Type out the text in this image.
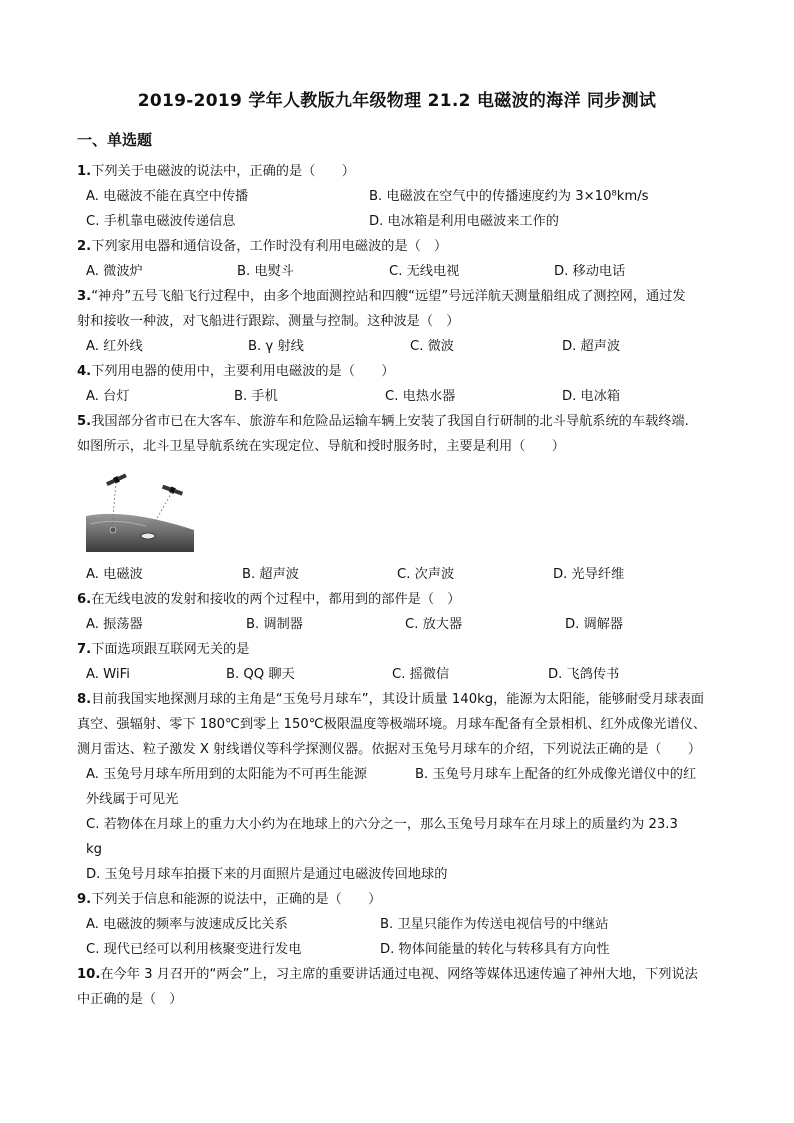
2019-2019 学年人教版九年级物理 21.2 电磁波的海洋 同步测试
一、单选题
1.下列关于电磁波的说法中，正确的是（　　）
A. 电磁波不能在真空中传播	B. 电磁波在空气中的传播速度约为 3×10⁸km/s
C. 手机靠电磁波传递信息	D. 电冰箱是利用电磁波来工作的
2.下列家用电器和通信设备，工作时没有利用电磁波的是（　）
A. 微波炉	B. 电熨斗	C. 无线电视	D. 移动电话
3.“神舟”五号飞船飞行过程中，由多个地面测控站和四艘“远望”号远洋航天测量船组成了测控网，通过发
射和接收一种波，对飞船进行跟踪、测量与控制。这种波是（　）
A. 红外线	B. γ 射线	C. 微波	D. 超声波
4.下列用电器的使用中，主要利用电磁波的是（　　）
A. 台灯	B. 手机	C. 电热水器	D. 电冰箱
5.我国部分省市已在大客车、旅游车和危险品运输车辆上安装了我国自行研制的北斗导航系统的车载终端.
如图所示，北斗卫星导航系统在实现定位、导航和授时服务时，主要是利用（　　）
A. 电磁波	B. 超声波	C. 次声波	D. 光导纤维
6.在无线电波的发射和接收的两个过程中，都用到的部件是（　）
A. 振荡器	B. 调制器	C. 放大器	D. 调解器
7.下面选项跟互联网无关的是
A. WiFi	B. QQ 聊天	C. 摇微信	D. 飞鸽传书
8.目前我国实地探测月球的主角是“玉兔号月球车”，其设计质量 140kg，能源为太阳能，能够耐受月球表面
真空、强辐射、零下 180℃到零上 150℃极限温度等极端环境。月球车配备有全景相机、红外成像光谱仪、
测月雷达、粒子激发 X 射线谱仪等科学探测仪器。依据对玉兔号月球车的介绍，下列说法正确的是（　　）
A. 玉兔号月球车所用到的太阳能为不可再生能源	B. 玉兔号月球车上配备的红外成像光谱仪中的红
外线属于可见光
C. 若物体在月球上的重力大小约为在地球上的六分之一，那么玉兔号月球车在月球上的质量约为 23.3
kg
D. 玉兔号月球车拍摄下来的月面照片是通过电磁波传回地球的
9.下列关于信息和能源的说法中，正确的是（　　）
A. 电磁波的频率与波速成反比关系	B. 卫星只能作为传送电视信号的中继站
C. 现代已经可以利用核聚变进行发电	D. 物体间能量的转化与转移具有方向性
10.在今年 3 月召开的“两会”上，习主席的重要讲话通过电视、网络等媒体迅速传遍了神州大地，下列说法
中正确的是（　）
